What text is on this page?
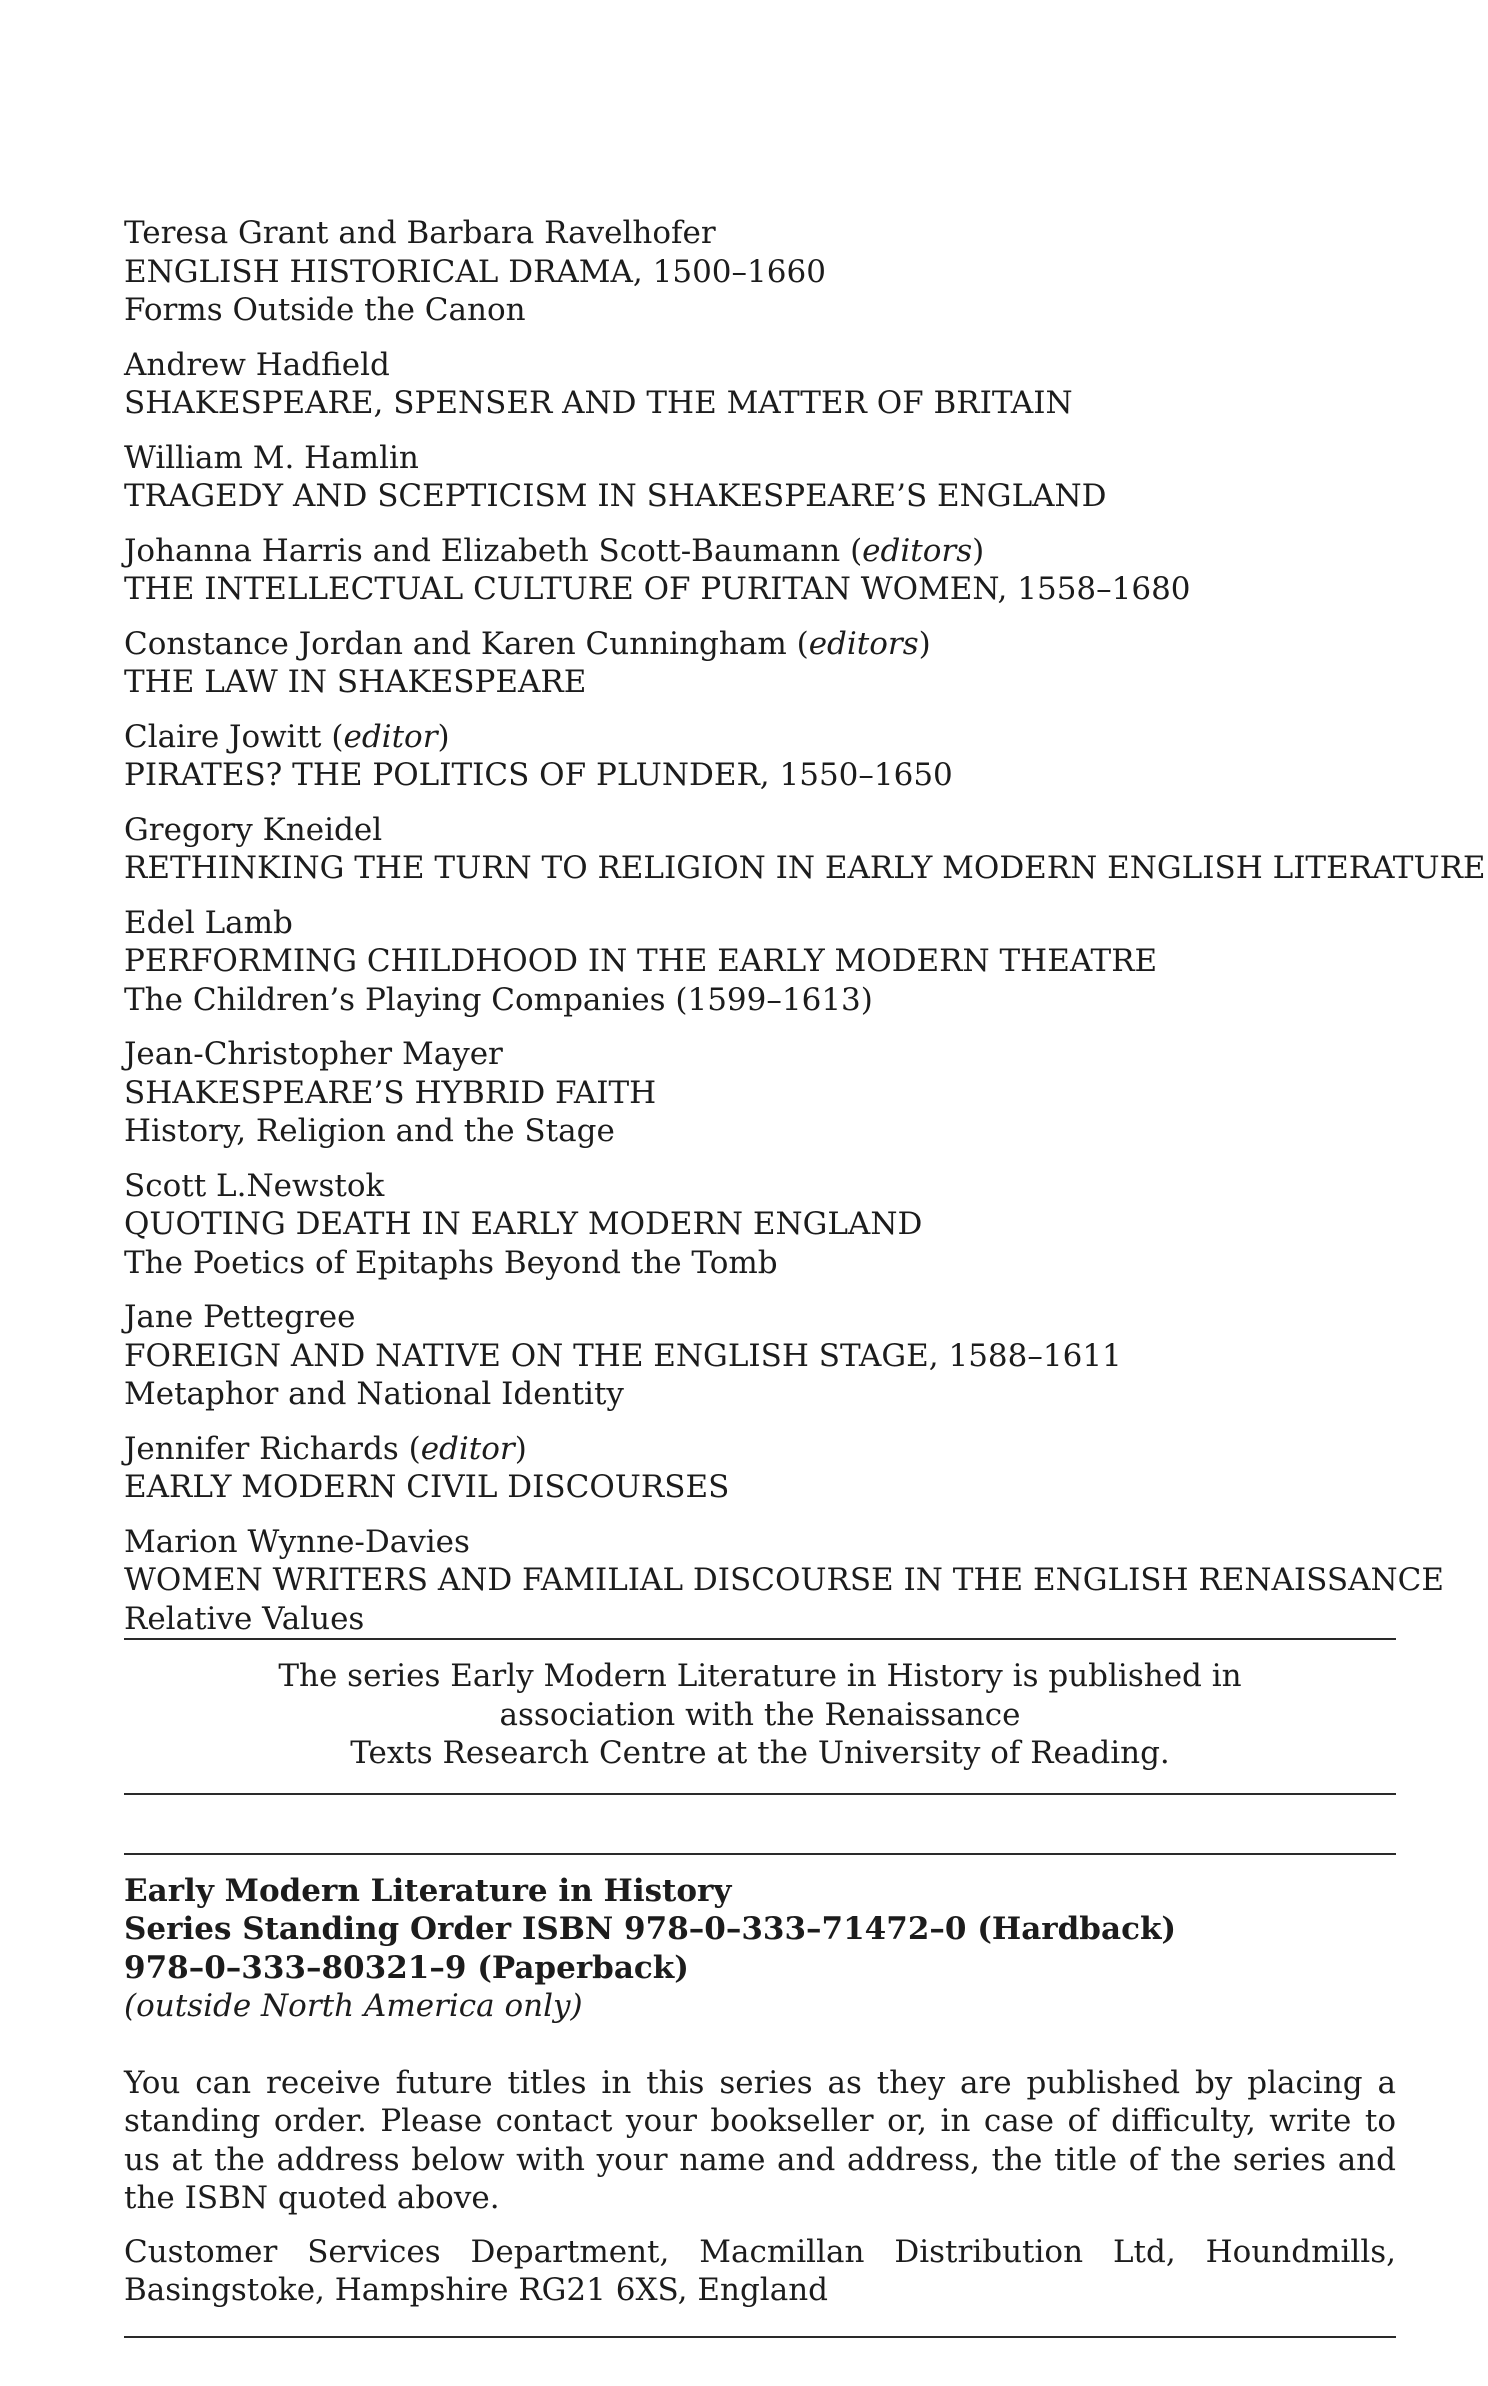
Teresa Grant and Barbara Ravelhofer
ENGLISH HISTORICAL DRAMA, 1500–1660
Forms Outside the Canon
Andrew Hadfield
SHAKESPEARE, SPENSER AND THE MATTER OF BRITAIN
William M. Hamlin
TRAGEDY AND SCEPTICISM IN SHAKESPEARE’S ENGLAND
Johanna Harris and Elizabeth Scott-Baumann (editors)
THE INTELLECTUAL CULTURE OF PURITAN WOMEN, 1558–1680
Constance Jordan and Karen Cunningham (editors)
THE LAW IN SHAKESPEARE
Claire Jowitt (editor)
PIRATES? THE POLITICS OF PLUNDER, 1550–1650
Gregory Kneidel
RETHINKING THE TURN TO RELIGION IN EARLY MODERN ENGLISH LITERATURE
Edel Lamb
PERFORMING CHILDHOOD IN THE EARLY MODERN THEATRE
The Children’s Playing Companies (1599–1613)
Jean-Christopher Mayer
SHAKESPEARE’S HYBRID FAITH
History, Religion and the Stage
Scott L.Newstok
QUOTING DEATH IN EARLY MODERN ENGLAND
The Poetics of Epitaphs Beyond the Tomb
Jane Pettegree
FOREIGN AND NATIVE ON THE ENGLISH STAGE, 1588–1611
Metaphor and National Identity
Jennifer Richards (editor)
EARLY MODERN CIVIL DISCOURSES
Marion Wynne-Davies
WOMEN WRITERS AND FAMILIAL DISCOURSE IN THE ENGLISH RENAISSANCE
Relative Values
The series Early Modern Literature in History is published in
association with the Renaissance
Texts Research Centre at the University of Reading.
Early Modern Literature in History
Series Standing Order ISBN 978–0–333–71472–0 (Hardback)
978–0–333–80321–9 (Paperback)
(outside North America only)
You can receive future titles in this series as they are published by placing a standing order. Please contact your bookseller or, in case of difficulty, write to us at the address below with your name and address, the title of the series and the ISBN quoted above.
Customer Services Department, Macmillan Distribution Ltd, Houndmills, Basingstoke, Hampshire RG21 6XS, England
